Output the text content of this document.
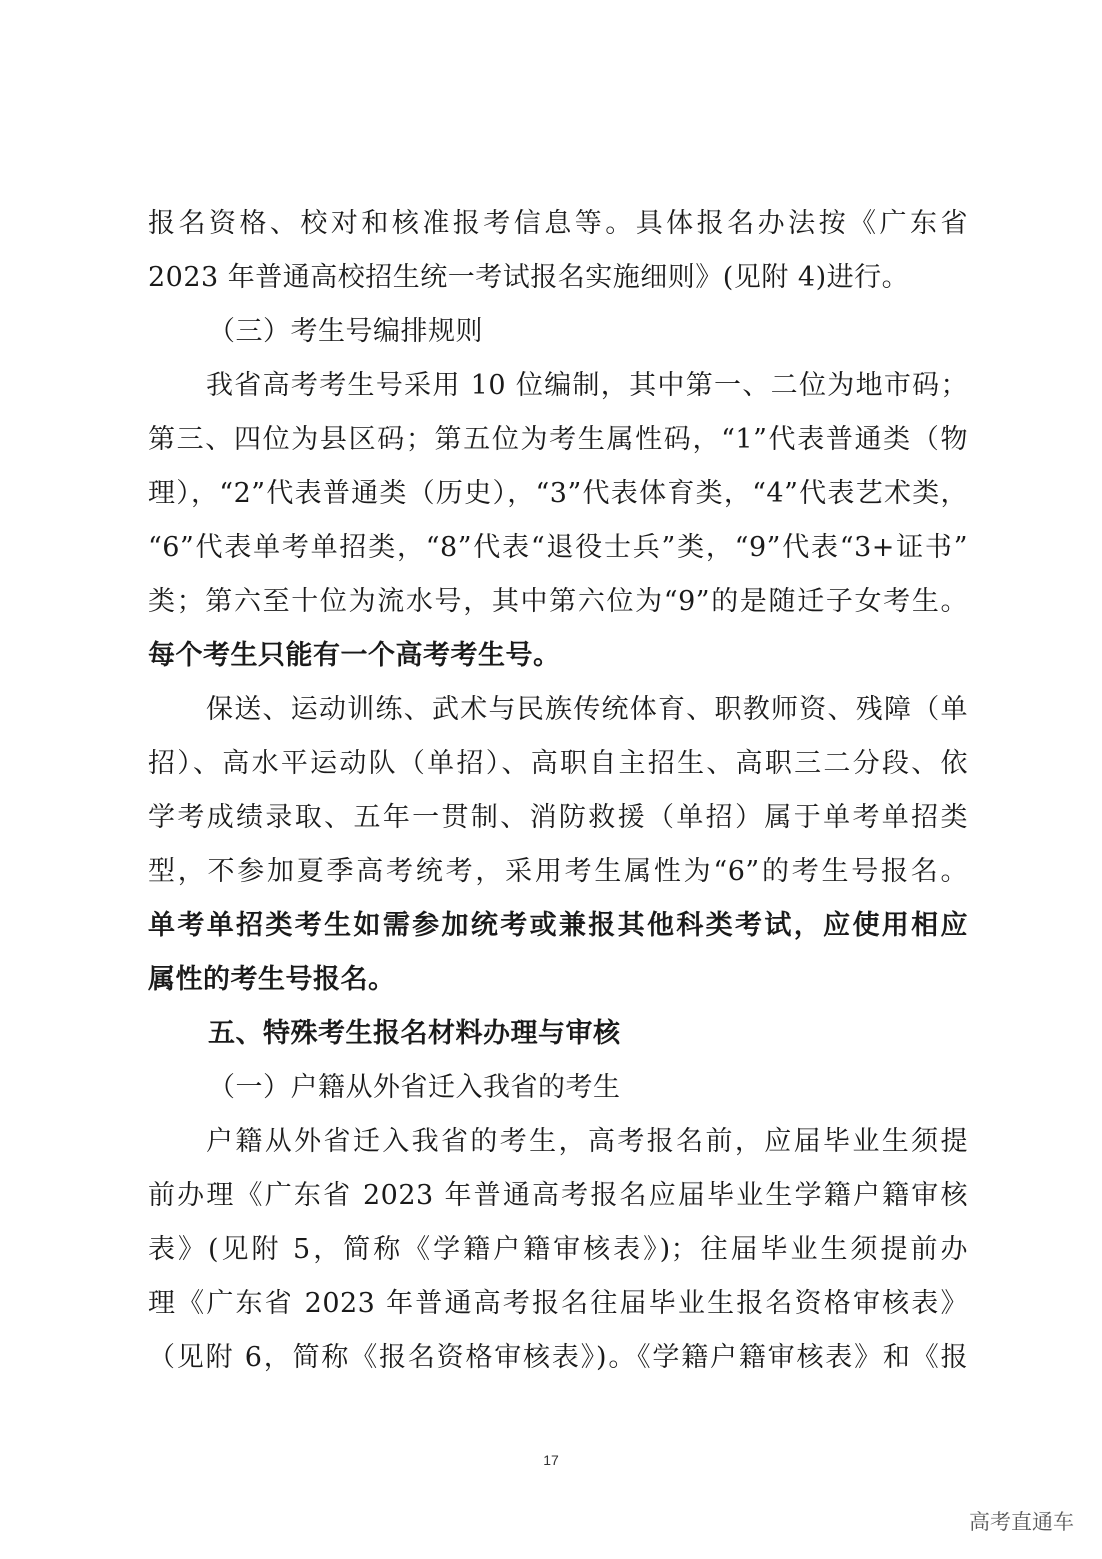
报名资格、校对和核准报考信息等。具体报名办法按《广东省
2023 年普通高校招生统一考试报名实施细则》(见附 4)进行。
（三）考生号编排规则
我省高考考生号采用 10 位编制，其中第一、二位为地市码；
第三、四位为县区码；第五位为考生属性码，“1”代表普通类（物
理），“2”代表普通类（历史），“3”代表体育类，“4”代表艺术类，
“6”代表单考单招类，“8”代表“退役士兵”类，“9”代表“3+证书”
类；第六至十位为流水号，其中第六位为“9”的是随迁子女考生。
每个考生只能有一个高考考生号。
保送、运动训练、武术与民族传统体育、职教师资、残障（单
招）、高水平运动队（单招）、高职自主招生、高职三二分段、依
学考成绩录取、五年一贯制、消防救援（单招）属于单考单招类
型，不参加夏季高考统考，采用考生属性为“6”的考生号报名。
单考单招类考生如需参加统考或兼报其他科类考试，应使用相应
属性的考生号报名。
五、特殊考生报名材料办理与审核
（一）户籍从外省迁入我省的考生
户籍从外省迁入我省的考生，高考报名前，应届毕业生须提
前办理《广东省 2023 年普通高考报名应届毕业生学籍户籍审核
表》(见附 5，简称《学籍户籍审核表》)；往届毕业生须提前办
理《广东省 2023 年普通高考报名往届毕业生报名资格审核表》
（见附 6，简称《报名资格审核表》)。《学籍户籍审核表》和《报
17
高考直通车
